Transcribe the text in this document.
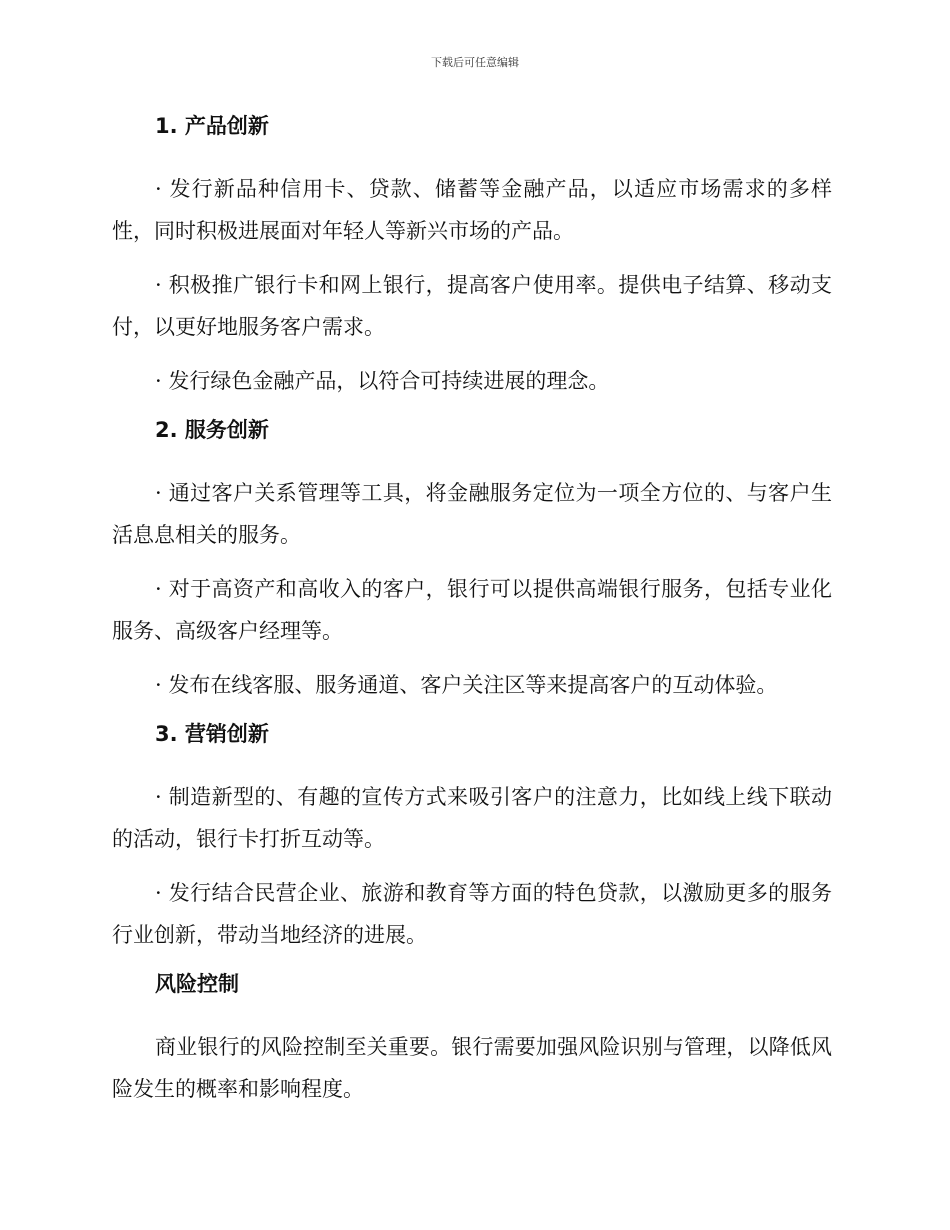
下载后可任意编辑
1. 产品创新

· 发行新品种信用卡、贷款、储蓄等金融产品，以适应市场需求的多样性，同时积极进展面对年轻人等新兴市场的产品。

· 积极推广银行卡和网上银行，提高客户使用率。提供电子结算、移动支付，以更好地服务客户需求。

· 发行绿色金融产品，以符合可持续进展的理念。

2. 服务创新

· 通过客户关系管理等工具，将金融服务定位为一项全方位的、与客户生活息息相关的服务。

· 对于高资产和高收入的客户，银行可以提供高端银行服务，包括专业化服务、高级客户经理等。

· 发布在线客服、服务通道、客户关注区等来提高客户的互动体验。

3. 营销创新

· 制造新型的、有趣的宣传方式来吸引客户的注意力，比如线上线下联动的活动，银行卡打折互动等。

· 发行结合民营企业、旅游和教育等方面的特色贷款，以激励更多的服务行业创新，带动当地经济的进展。

风险控制

商业银行的风险控制至关重要。银行需要加强风险识别与管理，以降低风险发生的概率和影响程度。
